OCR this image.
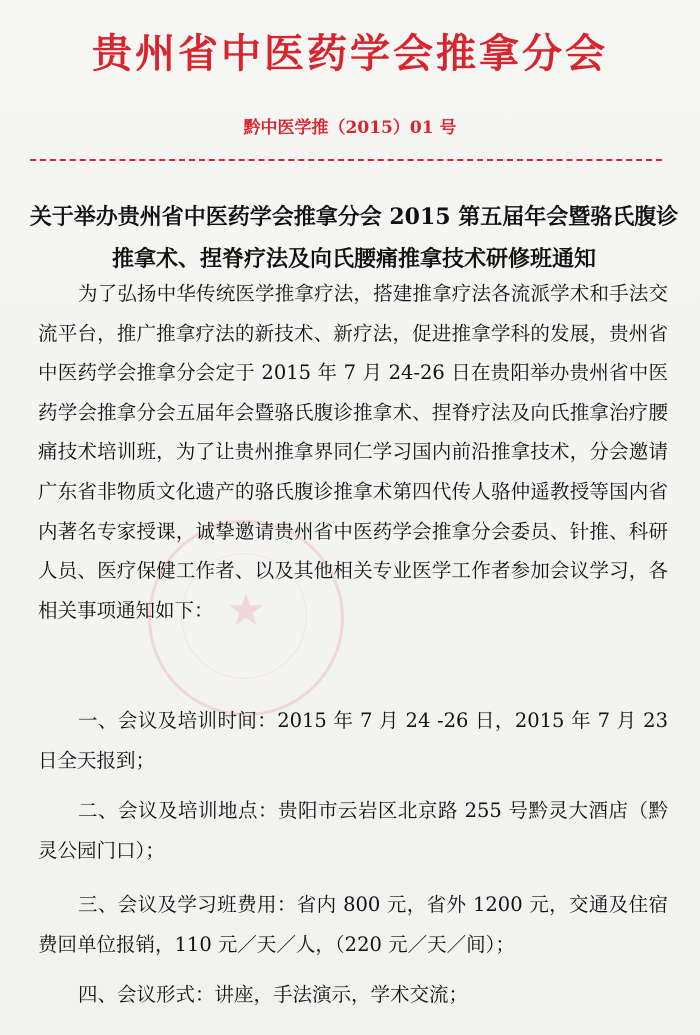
★
贵州省中医药学会推拿分会
黔中医学推（2015）01 号
关于举办贵州省中医药学会推拿分会 2015 第五届年会暨骆氏腹诊推拿术、捏脊疗法及向氏腰痛推拿技术研修班通知
为了弘扬中华传统医学推拿疗法，搭建推拿疗法各流派学术和手法交流平台，推广推拿疗法的新技术、新疗法，促进推拿学科的发展，贵州省中医药学会推拿分会定于 2015 年 7 月 24-26 日在贵阳举办贵州省中医药学会推拿分会五届年会暨骆氏腹诊推拿术、捏脊疗法及向氏推拿治疗腰痛技术培训班，为了让贵州推拿界同仁学习国内前沿推拿技术，分会邀请广东省非物质文化遗产的骆氏腹诊推拿术第四代传人骆仲遥教授等国内省内著名专家授课，诚挚邀请贵州省中医药学会推拿分会委员、针推、科研人员、医疗保健工作者、以及其他相关专业医学工作者参加会议学习，各相关事项通知如下：
一、会议及培训时间：2015 年 7 月 24 -26 日，2015 年 7 月 23 日全天报到；
二、会议及培训地点：贵阳市云岩区北京路 255 号黔灵大酒店（黔灵公园门口）；
三、会议及学习班费用：省内 800 元，省外 1200 元，交通及住宿费回单位报销，110 元／天／人，（220 元／天／间）；
四、会议形式：讲座，手法演示，学术交流；
